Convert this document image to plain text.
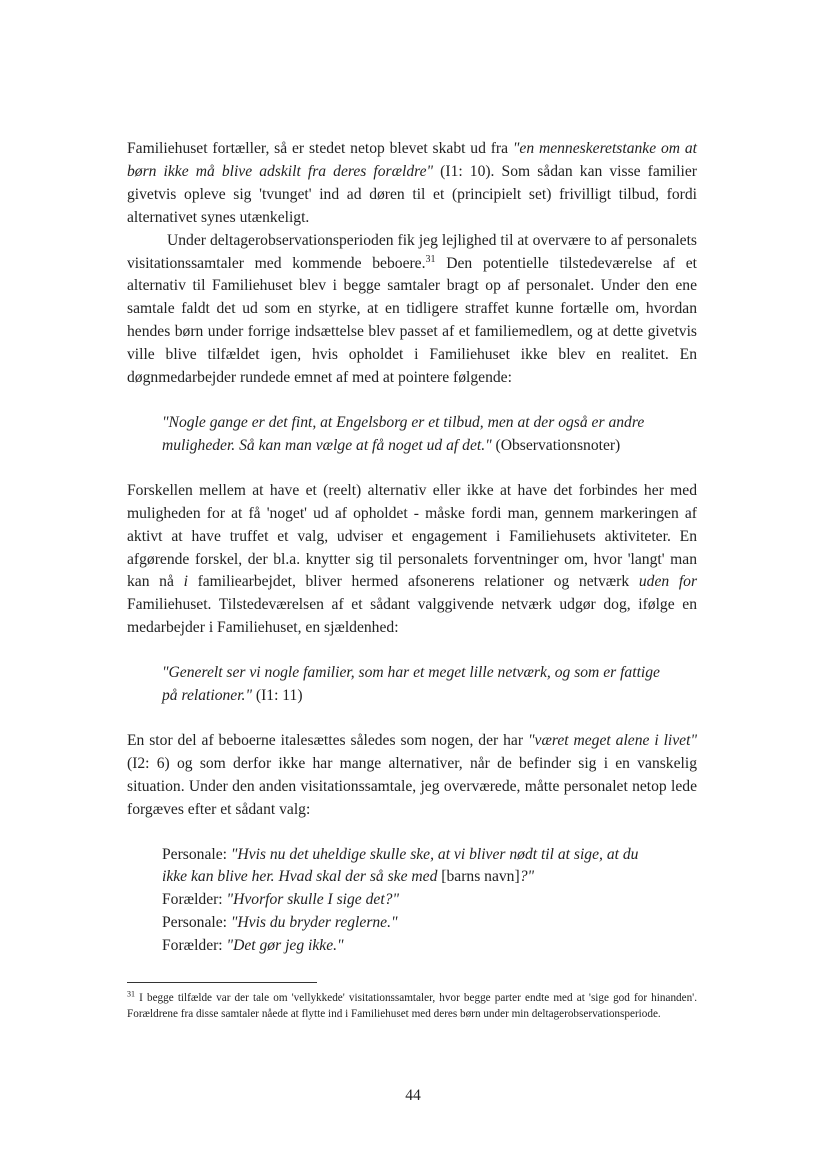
Familiehuset fortæller, så er stedet netop blevet skabt ud fra "en menneskeretstanke om at børn ikke må blive adskilt fra deres forældre" (I1: 10). Som sådan kan visse familier givetvis opleve sig 'tvunget' ind ad døren til et (principielt set) frivilligt tilbud, fordi alternativet synes utænkeligt.

Under deltagerobservationsperioden fik jeg lejlighed til at overvære to af personalets visitationssamtaler med kommende beboere.$^{31}$ Den potentielle tilstedeværelse af et alternativ til Familiehuset blev i begge samtaler bragt op af personalet. Under den ene samtale faldt det ud som en styrke, at en tidligere straffet kunne fortælle om, hvordan hendes børn under forrige indsættelse blev passet af et familiemedlem, og at dette givetvis ville blive tilfældet igen, hvis opholdet i Familiehuset ikke blev en realitet. En døgnmedarbejder rundede emnet af med at pointere følgende:

"Nogle gange er det fint, at Engelsborg er et tilbud, men at der også er andre muligheder. Så kan man vælge at få noget ud af det." (Observationsnoter)

Forskellen mellem at have et (reelt) alternativ eller ikke at have det forbindes her med muligheden for at få 'noget' ud af opholdet - måske fordi man, gennem markeringen af aktivt at have truffet et valg, udviser et engagement i Familiehusets aktiviteter. En afgørende forskel, der bl.a. knytter sig til personalets forventninger om, hvor 'langt' man kan nå i familiearbejdet, bliver hermed afsonerens relationer og netværk uden for Familiehuset. Tilstedeværelsen af et sådant valggivende netværk udgør dog, ifølge en medarbejder i Familiehuset, en sjældenhed:

"Generelt ser vi nogle familier, som har et meget lille netværk, og som er fattige på relationer." (I1: 11)

En stor del af beboerne italesættes således som nogen, der har "været meget alene i livet" (I2: 6) og som derfor ikke har mange alternativer, når de befinder sig i en vanskelig situation. Under den anden visitationssamtale, jeg overværede, måtte personalet netop lede forgæves efter et sådant valg:

Personale: "Hvis nu det uheldige skulle ske, at vi bliver nødt til at sige, at du ikke kan blive her. Hvad skal der så ske med [barns navn]?"

Forælder: "Hvorfor skulle I sige det?"
Personale: "Hvis du bryder reglerne."
Forælder: "Det gør jeg ikke."
$^{31}$ I begge tilfælde var der tale om 'vellykkede' visitationssamtaler, hvor begge parter endte med at 'sige god for hinanden'. Forældrene fra disse samtaler nåede at flytte ind i Familiehuset med deres børn under min deltagerobservationsperiode.
44
